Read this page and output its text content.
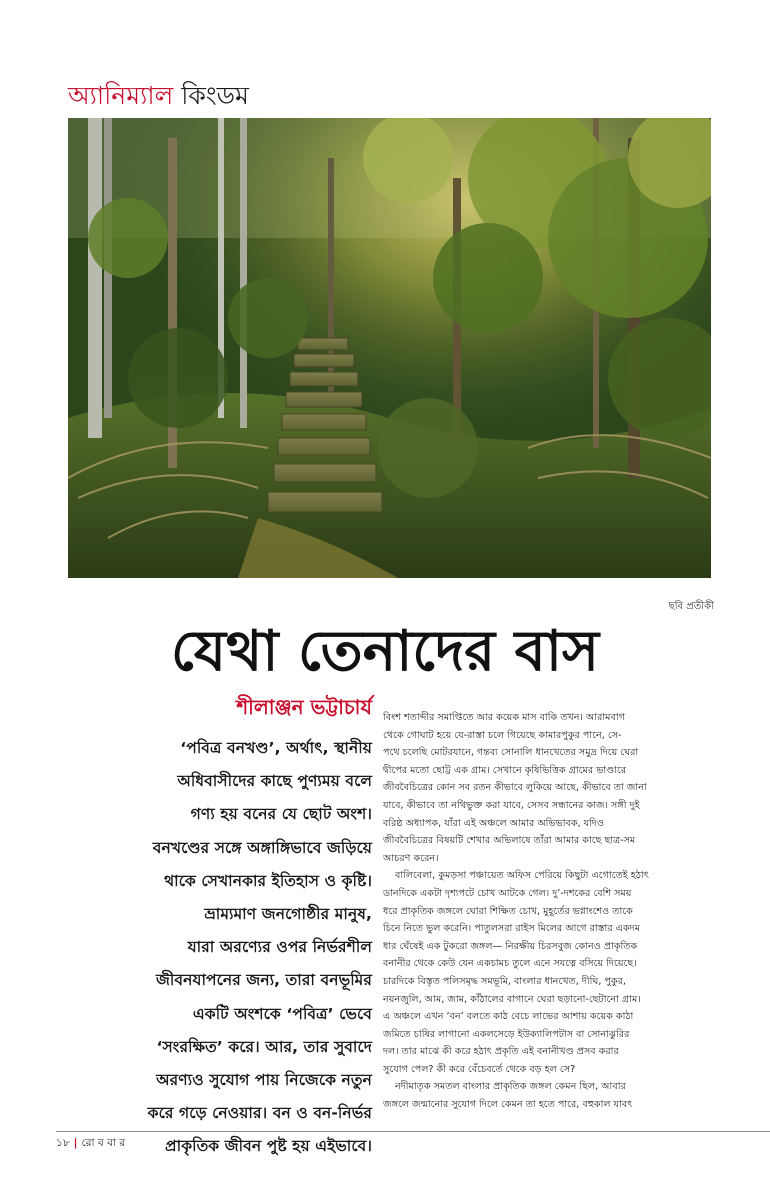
অ্যানিম্যাল কিংডম
ছবি প্রতীকী
যেথা তেনাদের বাস
শীলাঞ্জন ভট্টাচার্য
‘পবিত্র বনখণ্ড’, অর্থাৎ, স্থানীয়
অধিবাসীদের কাছে পুণ্যময় বলে
গণ্য হয় বনের যে ছোট অংশ।
বনখণ্ডের সঙ্গে অঙ্গাঙ্গিভাবে জড়িয়ে
থাকে সেখানকার ইতিহাস ও কৃষ্টি।
ভ্রাম্যমাণ জনগোষ্ঠীর মানুষ,
যারা অরণ্যের ওপর নির্ভরশীল
জীবনযাপনের জন্য, তারা বনভূমির
একটি অংশকে ‘পবিত্র’ ভেবে
‘সংরক্ষিত’ করে। আর, তার সুবাদে
অরণ্যও সুযোগ পায় নিজেকে নতুন
করে গড়ে নেওয়ার। বন ও বন-নির্ভর
প্রাকৃতিক জীবন পুষ্ট হয় এইভাবে।
বিংশ শতাব্দীর সমাপ্তিতে আর কয়েক মাস বাকি তখন। আরামবাগ
থেকে গোঘাট হয়ে যে-রাস্তা চলে গিয়েছে কামারপুকুর পানে, সে-
পথে চলেছি মোটরযানে, গন্তব্য সোনালি ধানখেতের সমুদ্র দিয়ে ঘেরা
দ্বীপের মতো ছোট্ট এক গ্রাম। সেখানে কৃষিভিত্তিক গ্রামের ভাণ্ডারে
জীববৈচিত্রের কোন সব রতন কীভাবে লুকিয়ে আছে, কীভাবে তা জানা
যাবে, কীভাবে তা নথিভুক্ত করা যাবে, সেসব সন্ধানের কাজ। সঙ্গী দুই
বরিষ্ঠ অধ্যাপক, যাঁরা এই অঞ্চলে আমার অভিভাবক, যদিও
জীববৈচিত্রের বিষয়টি শেখার অভিলাষে তাঁরা আমার কাছে ছাত্র-সম
আচরণ করেন।
বালিবেলা, কুমড়সা পঞ্চায়েত অফিস পেরিয়ে কিছুটা এগোতেই হঠাৎ
ডানদিকে একটা দৃশ্যপটে চোখ আটকে গেল। দু’-দশকের বেশি সময়
ধরে প্রাকৃতিক জঙ্গলে ঘোরা শিক্ষিত চোখ, মুহূর্তের ভগ্নাংশেও তাকে
চিনে নিতে ভুল করেনি। পাতুলসরা রাইস মিলের আগে রাস্তার একদম
ধার ঘেঁষেই এক টুকরো জঙ্গল— নিরক্ষীয় চিরসবুজ কোনও প্রাকৃতিক
বনানীর থেকে কেউ যেন একচামচ তুলে এনে সযত্নে বসিয়ে দিয়েছে।
চারদিকে বিস্তৃত পলিসমৃদ্ধ সমভূমি, বাংলার ধানখেত, দীঘি, পুকুর,
নয়নজুলি, আম, জাম, কাঁঠালের বাগানে ঘেরা ছড়ানো-ছেটানো গ্রাম।
এ অঞ্চলে এখন ‘বন’ বলতে কাঠ বেচে লাভের আশায় কয়েক কাঠা
জমিতে চাষির লাগানো একলসেড়ে ইউক্যালিপটাস বা সোনাঝুরির
দল। তার মাঝে কী করে হঠাৎ প্রকৃতি এই বনানীখণ্ড প্রসব করার
সুযোগ পেল? কী করে বেঁচেবর্তে থেকে বড় হল সে?
নদীমাতৃক সমতল বাংলার প্রাকৃতিক জঙ্গল কেমন ছিল, আবার
জঙ্গলে জন্মানোর সুযোগ দিলে কেমন তা হতে পারে, বহুকাল যাবৎ
১৮ | রো ব বা র
